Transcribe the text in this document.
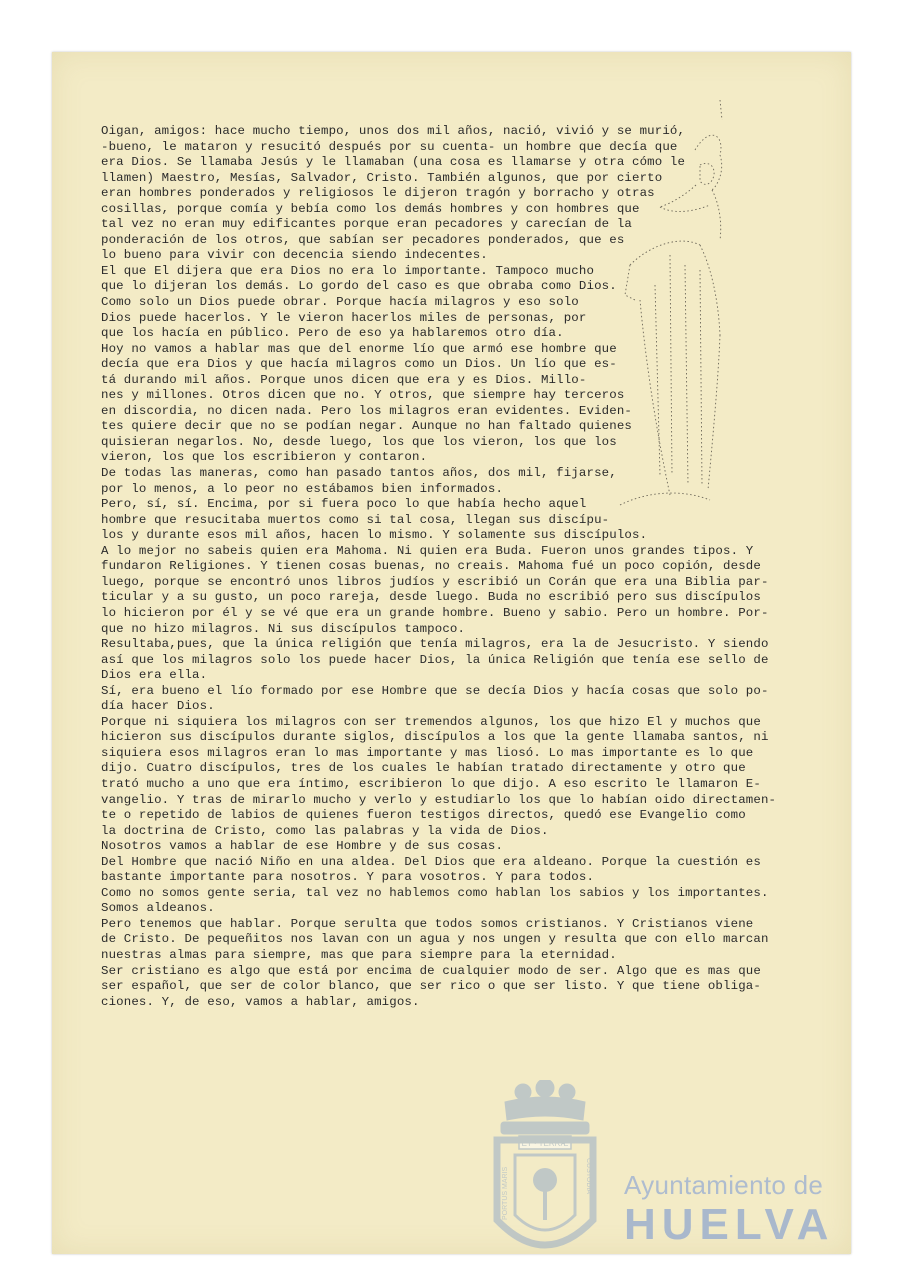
Oigan, amigos: hace mucho tiempo, unos dos mil años, nació, vivió y se murió,
-bueno, le mataron y resucitó después por su cuenta- un hombre que decía que
era Dios. Se llamaba Jesús y le llamaban (una cosa es llamarse y otra cómo le
llamen) Maestro, Mesías, Salvador, Cristo. También algunos, que por cierto
eran hombres ponderados y religiosos le dijeron tragón y borracho y otras
cosillas, porque comía y bebía como los demás hombres y con hombres que
tal vez no eran muy edificantes porque eran pecadores y carecían de la
ponderación de los otros, que sabían ser pecadores ponderados, que es
lo bueno para vivir con decencia siendo indecentes.
El que El dijera que era Dios no era lo importante. Tampoco mucho
que lo dijeran los demás. Lo gordo del caso es que obraba como Dios.
Como solo un Dios puede obrar. Porque hacía milagros y eso solo
Dios puede hacerlos. Y le vieron hacerlos miles de personas, por
que los hacía en público. Pero de eso ya hablaremos otro día.
Hoy no vamos a hablar mas que del enorme lío que armó ese hombre que
decía que era Dios y que hacía milagros como un Dios. Un lío que es-
tá durando mil años. Porque unos dicen que era y es Dios. Millo-
nes y millones. Otros dicen que no. Y otros, que siempre hay terceros
en discordia, no dicen nada. Pero los milagros eran evidentes. Eviden-
tes quiere decir que no se podían negar. Aunque no han faltado quienes
quisieran negarlos. No, desde luego, los que los vieron, los que los
vieron, los que los escribieron y contaron.
De todas las maneras, como han pasado tantos años, dos mil, fijarse,
por lo menos, a lo peor no estábamos bien informados.
Pero, sí, sí. Encima, por si fuera poco lo que había hecho aquel
hombre que resucitaba muertos como si tal cosa, llegan sus discípu-
los y durante esos mil años, hacen lo mismo. Y solamente sus discípulos.
A lo mejor no sabeis quien era Mahoma. Ni quien era Buda. Fueron unos grandes tipos. Y
fundaron Religiones. Y tienen cosas buenas, no creais. Mahoma fué un poco copión, desde
luego, porque se encontró unos libros judíos y escribió un Corán que era una Biblia par-
ticular y a su gusto, un poco rareja, desde luego. Buda no escribió pero sus discípulos
lo hicieron por él y se vé que era un grande hombre. Bueno y sabio. Pero un hombre. Por-
que no hizo milagros. Ni sus discípulos tampoco.
Resultaba,pues, que la única religión que tenía milagros, era la de Jesucristo. Y siendo
así que los milagros solo los puede hacer Dios, la única Religión que tenía ese sello de
Dios era ella.
Sí, era bueno el lío formado por ese Hombre que se decía Dios y hacía cosas que solo po-
día hacer Dios.
Porque ni siquiera los milagros con ser tremendos algunos, los que hizo El y muchos que
hicieron sus discípulos durante siglos, discípulos a los que la gente llamaba santos, ni
siquiera esos milagros eran lo mas importante y mas liosó. Lo mas importante es lo que
dijo. Cuatro discípulos, tres de los cuales le habían tratado directamente y otro que
trató mucho a uno que era íntimo, escribieron lo que dijo. A eso escrito le llamaron E-
vangelio. Y tras de mirarlo mucho y verlo y estudiarlo los que lo habían oido directamen-
te o repetido de labios de quienes fueron testigos directos, quedó ese Evangelio como
la doctrina de Cristo, como las palabras y la vida de Dios.
Nosotros vamos a hablar de ese Hombre y de sus cosas.
Del Hombre que nació Niño en una aldea. Del Dios que era aldeano. Porque la cuestión es
bastante importante para nosotros. Y para vosotros. Y para todos.
Como no somos gente seria, tal vez no hablemos como hablan los sabios y los importantes.
Somos aldeanos.
Pero tenemos que hablar. Porque serulta que todos somos cristianos. Y Cristianos viene
de Cristo. De pequeñitos nos lavan con un agua y nos ungen y resulta que con ello marcan
nuestras almas para siempre, mas que para siempre para la eternidad.
Ser cristiano es algo que está por encima de cualquier modo de ser. Algo que es mas que
ser español, que ser de color blanco, que ser rico o que ser listo. Y que tiene obliga-
ciones. Y, de eso, vamos a hablar, amigos.
ET · TERRÆ
PORTUS MARIS	CUSTODIA Ayuntamiento de
HUELVA
